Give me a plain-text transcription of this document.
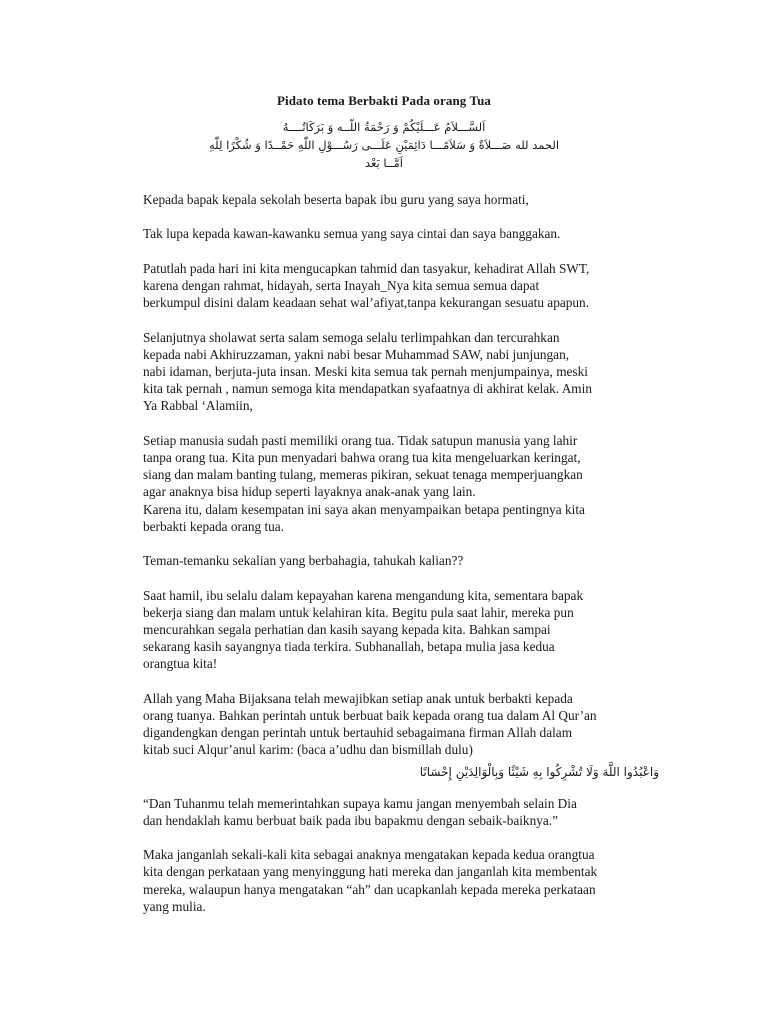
Pidato tema Berbakti Pada orang Tua
اَلسَّـــلاَمُ عَـــلَيْكُمْ وَ رَحْمَةُ اللّــه وَ بَرَكَاتُــــهُ
الحمد لله صَـــلاَةً وَ سَلاَمًـــا دَائِمَيْنِ عَلَـــى رَسُـــوْلِ اللّٰهِ حَمْــدًا وَ شُكْرًا لِلّٰهِ
اَمَّــا بَعْد

Kepada bapak kepala sekolah beserta bapak ibu guru yang saya hormati,

Tak lupa kepada kawan-kawanku semua yang saya cintai dan saya banggakan.

Patutlah pada hari ini kita mengucapkan tahmid dan tasyakur, kehadirat Allah SWT,
karena dengan rahmat, hidayah, serta Inayah_Nya kita semua semua dapat
berkumpul disini dalam keadaan sehat wal’afiyat,tanpa kekurangan sesuatu apapun.

Selanjutnya sholawat serta salam semoga selalu terlimpahkan dan tercurahkan
kepada nabi Akhiruzzaman, yakni nabi besar Muhammad SAW, nabi junjungan,
nabi idaman, berjuta-juta insan. Meski kita semua tak pernah menjumpainya, meski
kita tak pernah , namun semoga kita mendapatkan syafaatnya di akhirat kelak. Amin
Ya Rabbal ‘Alamiin,

Setiap manusia sudah pasti memiliki orang tua. Tidak satupun manusia yang lahir
tanpa orang tua. Kita pun menyadari bahwa orang tua kita mengeluarkan keringat,
siang dan malam banting tulang, memeras pikiran, sekuat tenaga memperjuangkan
agar anaknya bisa hidup seperti layaknya anak-anak yang lain.

Karena itu, dalam kesempatan ini saya akan menyampaikan betapa pentingnya kita
berbakti kepada orang tua.

Teman-temanku sekalian yang berbahagia, tahukah kalian??

Saat hamil, ibu selalu dalam kepayahan karena mengandung kita, sementara bapak
bekerja siang dan malam untuk kelahiran kita. Begitu pula saat lahir, mereka pun
mencurahkan segala perhatian dan kasih sayang kepada kita. Bahkan sampai
sekarang kasih sayangnya tiada terkira. Subhanallah, betapa mulia jasa kedua
orangtua kita!

Allah yang Maha Bijaksana telah mewajibkan setiap anak untuk berbakti kepada
orang tuanya. Bahkan perintah untuk berbuat baik kepada orang tua dalam Al Qur’an
digandengkan dengan perintah untuk bertauhid sebagaimana firman Allah dalam
kitab suci Alqur’anul karim: (baca a’udhu dan bismillah dulu)

وَاعْبُدُوا اللَّهَ وَلَا تُشْرِكُوا بِهِ شَيْئًا وَبِالْوَالِدَيْنِ إِحْسَانًا

“Dan Tuhanmu telah memerintahkan supaya kamu jangan menyembah selain Dia
dan hendaklah kamu berbuat baik pada ibu bapakmu dengan sebaik-baiknya.”

Maka janganlah sekali-kali kita sebagai anaknya mengatakan kepada kedua orangtua
kita dengan perkataan yang menyinggung hati mereka dan janganlah kita membentak
mereka, walaupun hanya mengatakan “ah” dan ucapkanlah kepada mereka perkataan
yang mulia.
